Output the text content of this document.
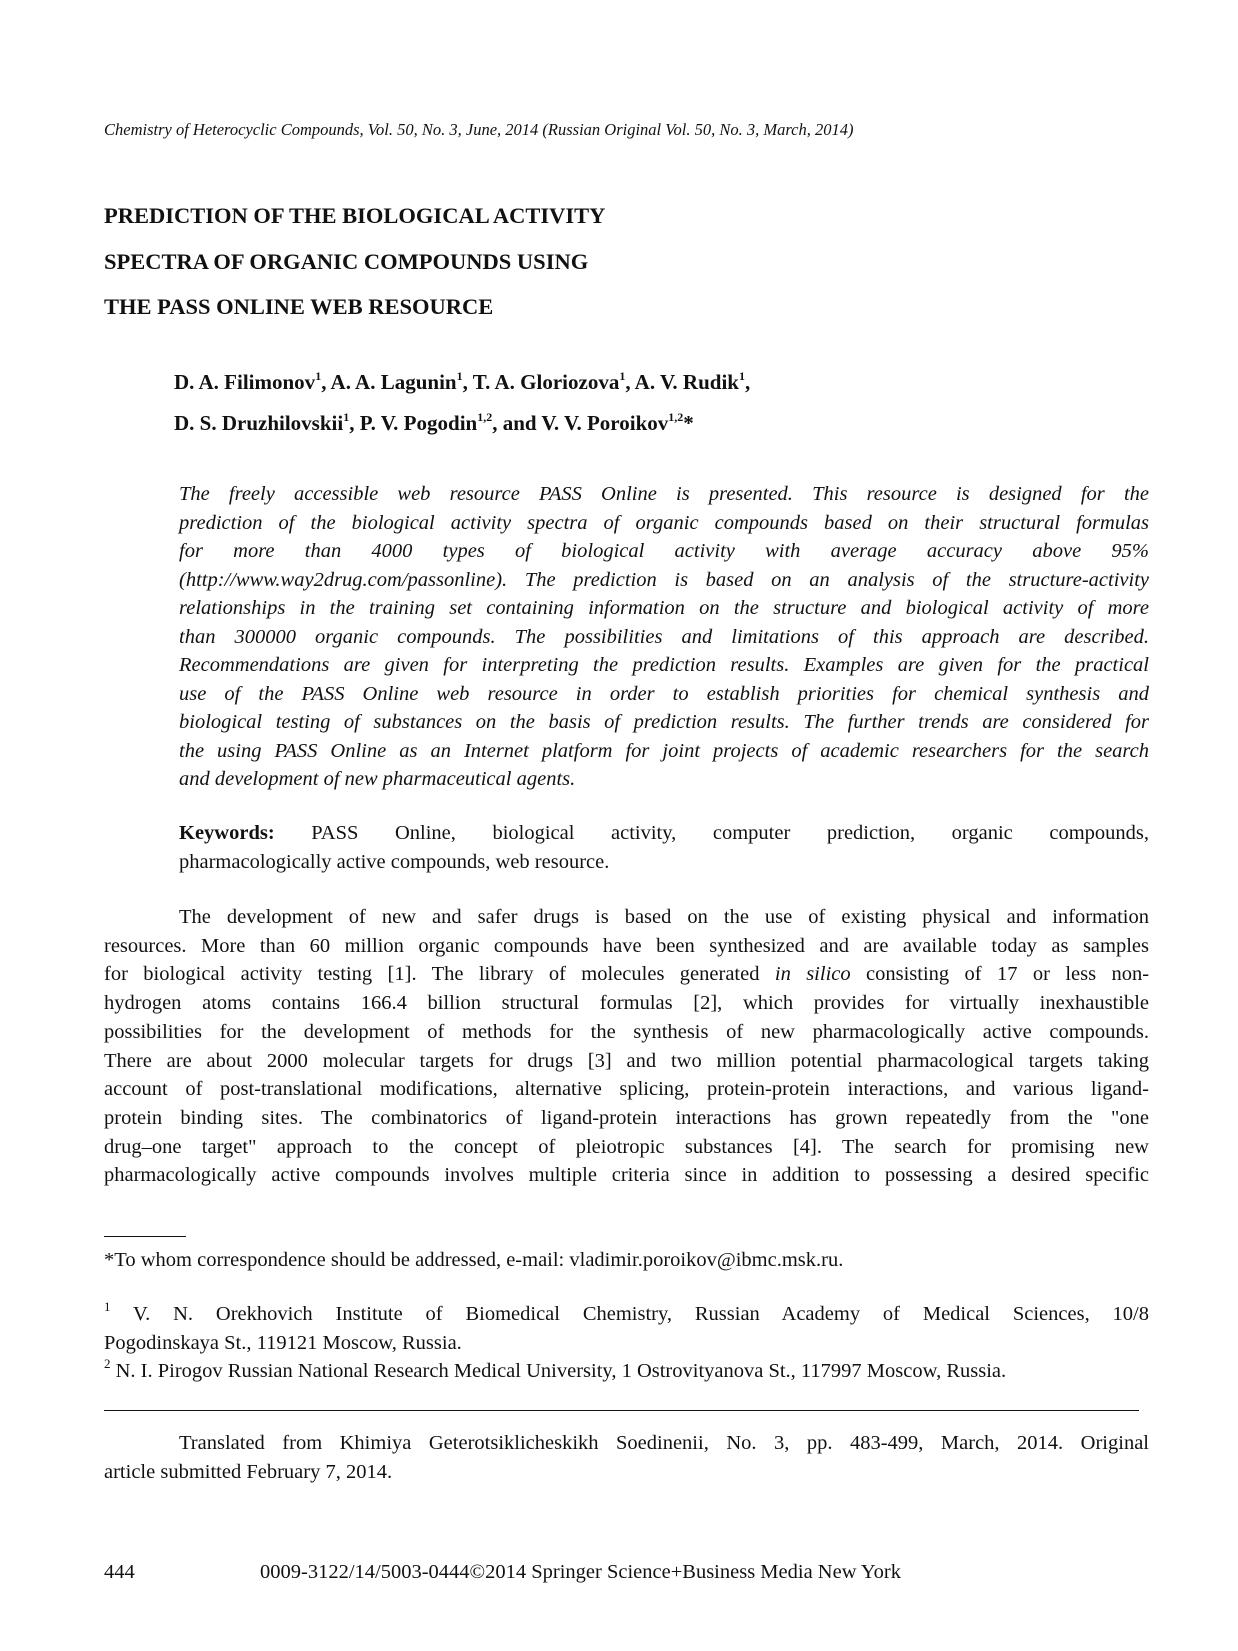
Chemistry of Heterocyclic Compounds, Vol. 50, No. 3, June, 2014 (Russian Original Vol. 50, No. 3, March, 2014)
PREDICTION OF THE BIOLOGICAL ACTIVITY
SPECTRA OF ORGANIC COMPOUNDS USING
THE PASS ONLINE WEB RESOURCE
D. A. Filimonov$^1$, A. A. Lagunin$^1$, T. A. Gloriozova$^1$, A. V. Rudik$^1$,
D. S. Druzhilovskii$^1$, P. V. Pogodin$^{1,2}$, and V. V. Poroikov$^{1,2}$*
The freely accessible web resource PASS Online is presented. This resource is designed for the
prediction of the biological activity spectra of organic compounds based on their structural formulas
for more than 4000 types of biological activity with average accuracy above 95%
(http://www.way2drug.com/passonline). The prediction is based on an analysis of the structure-activity
relationships in the training set containing information on the structure and biological activity of more
than 300000 organic compounds. The possibilities and limitations of this approach are described.
Recommendations are given for interpreting the prediction results. Examples are given for the practical
use of the PASS Online web resource in order to establish priorities for chemical synthesis and
biological testing of substances on the basis of prediction results. The further trends are considered for
the using PASS Online as an Internet platform for joint projects of academic researchers for the search
and development of new pharmaceutical agents.
Keywords: PASS Online, biological activity, computer prediction, organic compounds,
pharmacologically active compounds, web resource.
The development of new and safer drugs is based on the use of existing physical and information
resources. More than 60 million organic compounds have been synthesized and are available today as samples
for biological activity testing [1]. The library of molecules generated in silico consisting of 17 or less non-
hydrogen atoms contains 166.4 billion structural formulas [2], which provides for virtually inexhaustible
possibilities for the development of methods for the synthesis of new pharmacologically active compounds.
There are about 2000 molecular targets for drugs [3] and two million potential pharmacological targets taking
account of post-translational modifications, alternative splicing, protein-protein interactions, and various ligand-
protein binding sites. The combinatorics of ligand-protein interactions has grown repeatedly from the "one
drug–one target" approach to the concept of pleiotropic substances [4]. The search for promising new
pharmacologically active compounds involves multiple criteria since in addition to possessing a desired specific
*To whom correspondence should be addressed, e-mail: vladimir.poroikov@ibmc.msk.ru.
$^1$ V. N. Orekhovich Institute of Biomedical Chemistry, Russian Academy of Medical Sciences, 10/8
Pogodinskaya St., 119121 Moscow, Russia.
$^2$ N. I. Pirogov Russian National Research Medical University, 1 Ostrovityanova St., 117997 Moscow, Russia.
Translated from Khimiya Geterotsiklicheskikh Soedinenii, No. 3, pp. 483-499, March, 2014. Original
article submitted February 7, 2014.
444	0009-3122/14/5003-0444©2014 Springer Science+Business Media New York
